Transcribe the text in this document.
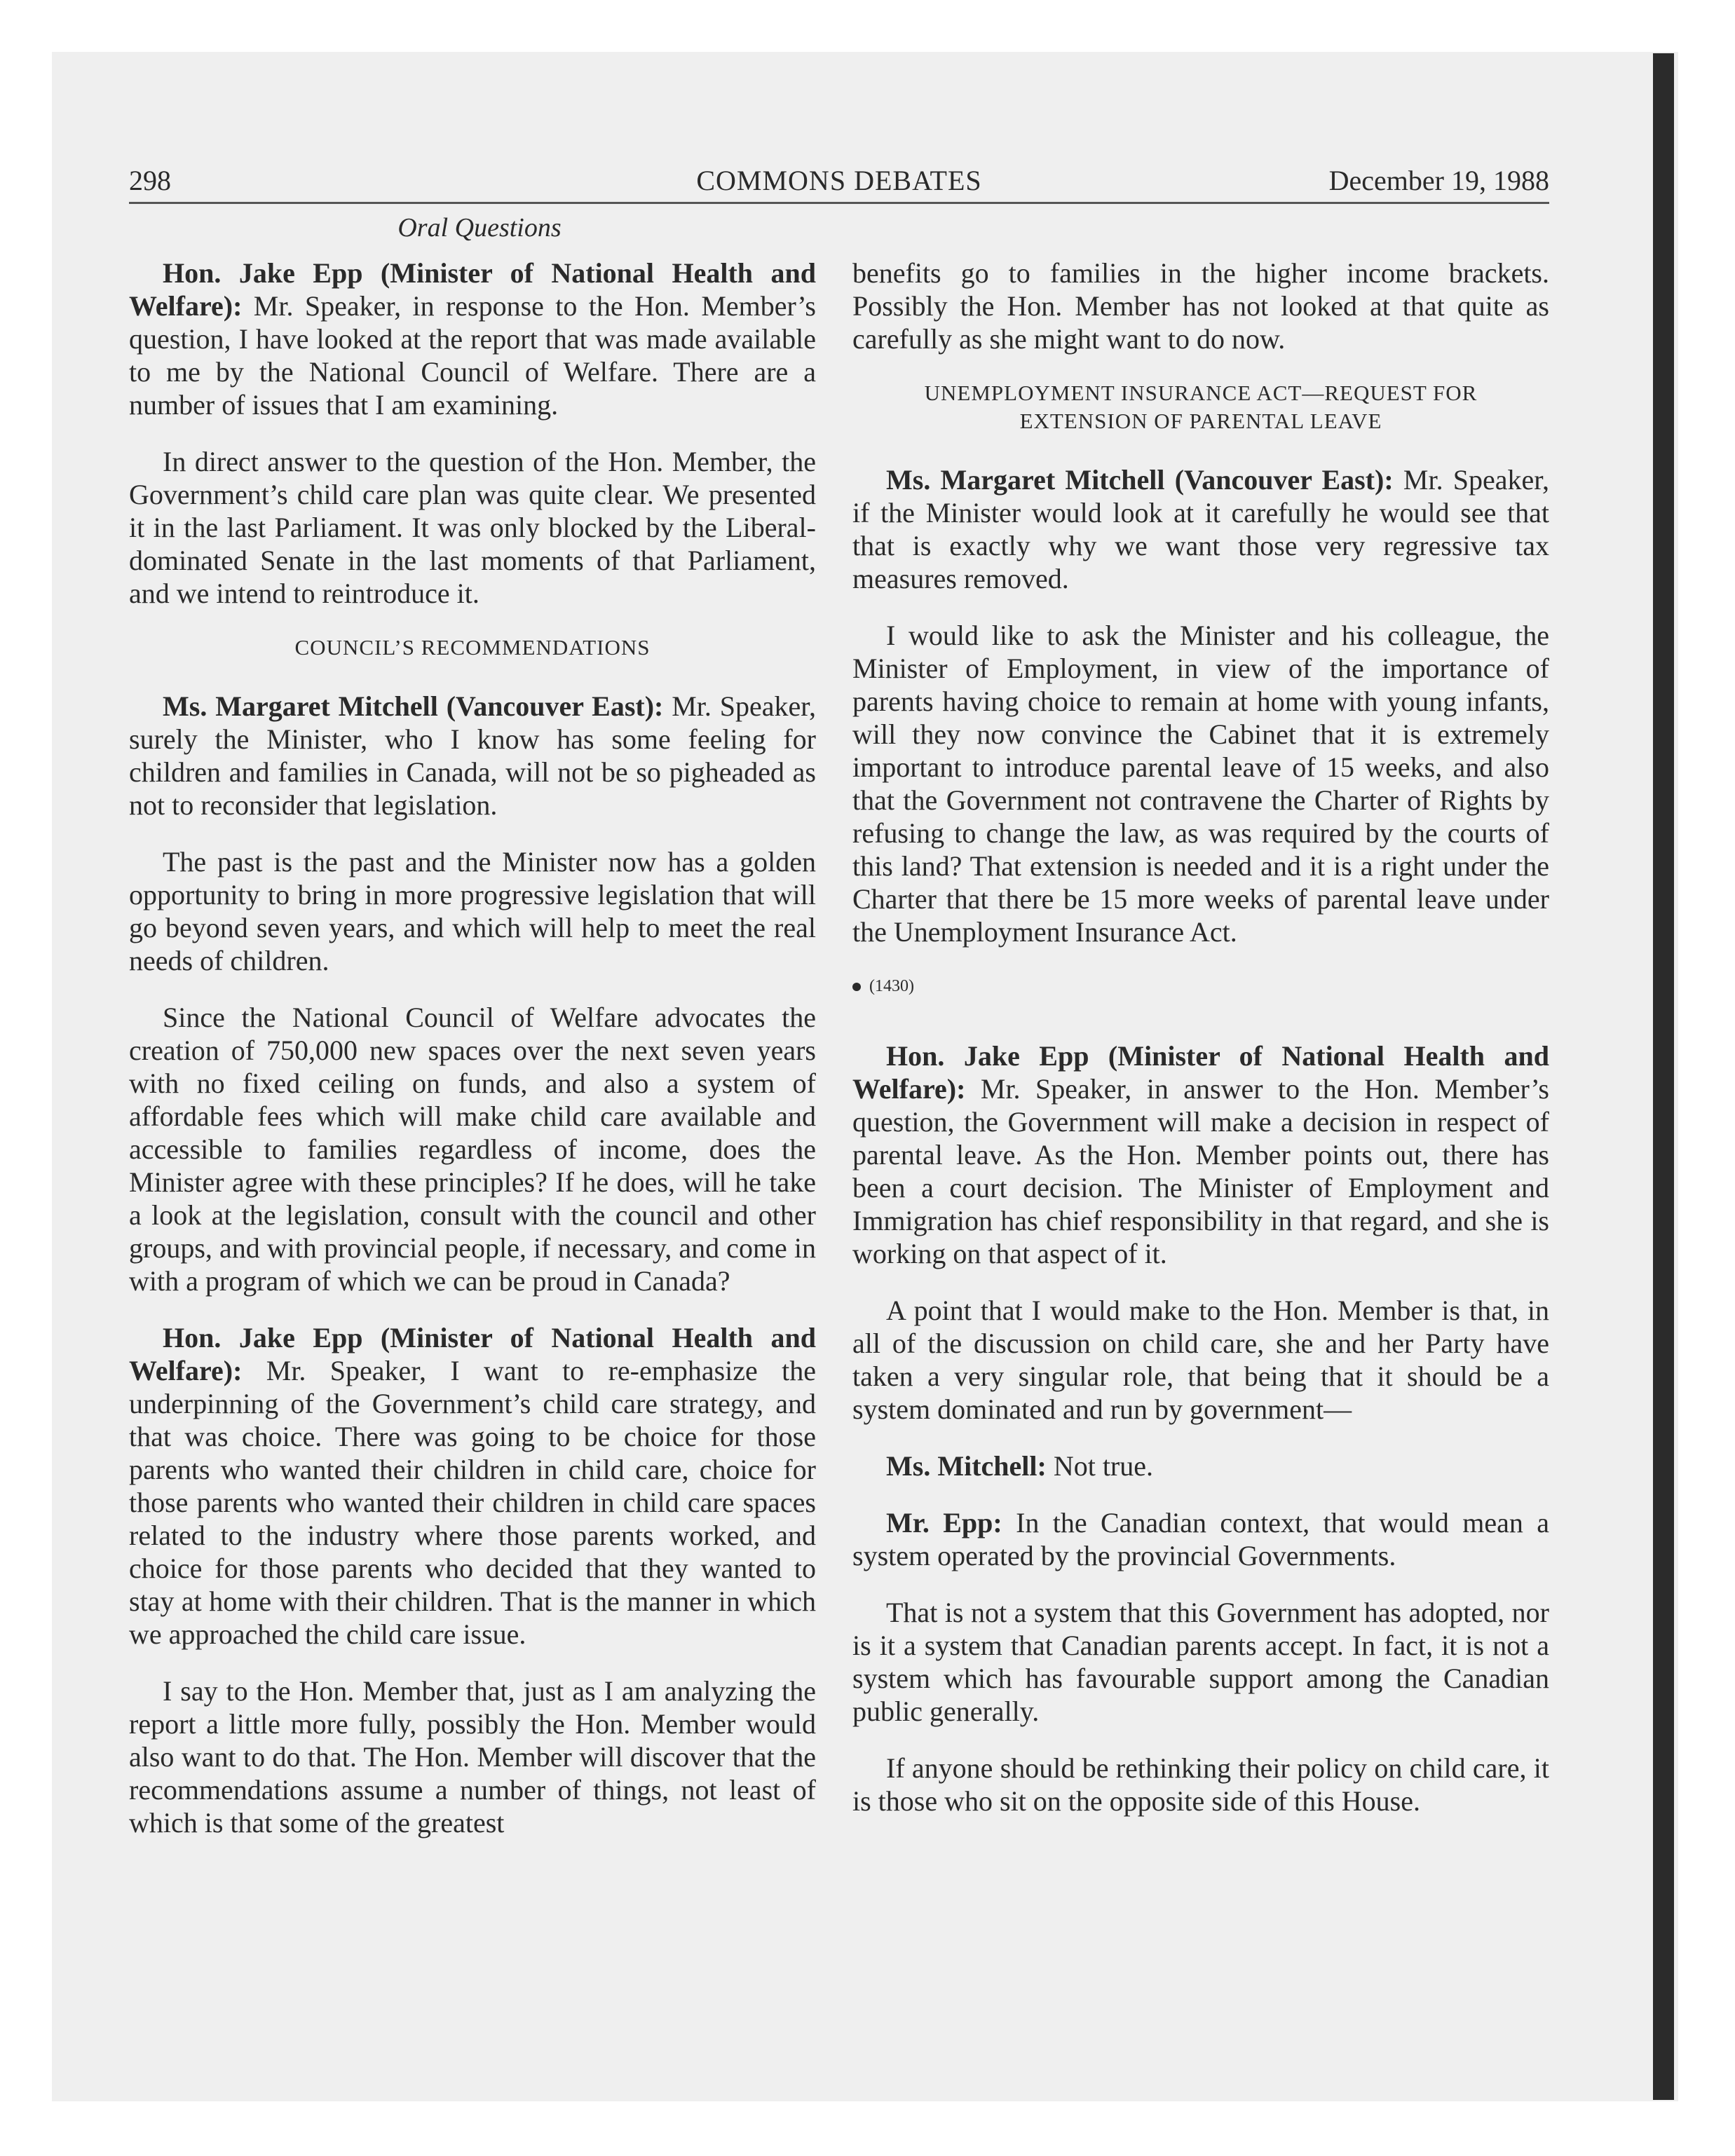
298	COMMONS DEBATES	December 19, 1988
Oral Questions

Hon. Jake Epp (Minister of National Health and Welfare): Mr. Speaker, in response to the Hon. Member’s question, I have looked at the report that was made available to me by the National Council of Welfare. There are a number of issues that I am examining.

In direct answer to the question of the Hon. Member, the Government’s child care plan was quite clear. We presented it in the last Parliament. It was only blocked by the Liberal-dominated Senate in the last moments of that Parliament, and we intend to reintroduce it.

COUNCIL’S RECOMMENDATIONS

Ms. Margaret Mitchell (Vancouver East): Mr. Speaker, surely the Minister, who I know has some feeling for children and families in Canada, will not be so pigheaded as not to reconsider that legislation.

The past is the past and the Minister now has a golden opportunity to bring in more progressive legislation that will go beyond seven years, and which will help to meet the real needs of children.

Since the National Council of Welfare advocates the creation of 750,000 new spaces over the next seven years with no fixed ceiling on funds, and also a system of affordable fees which will make child care available and accessible to families regardless of income, does the Minister agree with these principles? If he does, will he take a look at the legislation, consult with the council and other groups, and with provincial people, if necessary, and come in with a program of which we can be proud in Canada?

Hon. Jake Epp (Minister of National Health and Welfare): Mr. Speaker, I want to re-emphasize the underpinning of the Government’s child care strategy, and that was choice. There was going to be choice for those parents who wanted their children in child care, choice for those parents who wanted their children in child care spaces related to the industry where those parents worked, and choice for those parents who decided that they wanted to stay at home with their children. That is the manner in which we approached the child care issue.

I say to the Hon. Member that, just as I am analyzing the report a little more fully, possibly the Hon. Member would also want to do that. The Hon. Member will discover that the recommendations assume a number of things, not least of which is that some of the greatest

benefits go to families in the higher income brackets. Possibly the Hon. Member has not looked at that quite as carefully as she might want to do now.

UNEMPLOYMENT INSURANCE ACT—REQUEST FOR
EXTENSION OF PARENTAL LEAVE

Ms. Margaret Mitchell (Vancouver East): Mr. Speaker, if the Minister would look at it carefully he would see that that is exactly why we want those very regressive tax measures removed.

I would like to ask the Minister and his colleague, the Minister of Employment, in view of the importance of parents having choice to remain at home with young infants, will they now convince the Cabinet that it is extremely important to introduce parental leave of 15 weeks, and also that the Government not contravene the Charter of Rights by refusing to change the law, as was required by the courts of this land? That extension is needed and it is a right under the Charter that there be 15 more weeks of parental leave under the Unemployment Insurance Act.

(1430)

Hon. Jake Epp (Minister of National Health and Welfare): Mr. Speaker, in answer to the Hon. Member’s question, the Government will make a decision in respect of parental leave. As the Hon. Member points out, there has been a court decision. The Minister of Employment and Immigration has chief responsibility in that regard, and she is working on that aspect of it.

A point that I would make to the Hon. Member is that, in all of the discussion on child care, she and her Party have taken a very singular role, that being that it should be a system dominated and run by government—

Ms. Mitchell: Not true.

Mr. Epp: In the Canadian context, that would mean a system operated by the provincial Governments.

That is not a system that this Government has adopted, nor is it a system that Canadian parents accept. In fact, it is not a system which has favourable support among the Canadian public generally.

If anyone should be rethinking their policy on child care, it is those who sit on the opposite side of this House.
